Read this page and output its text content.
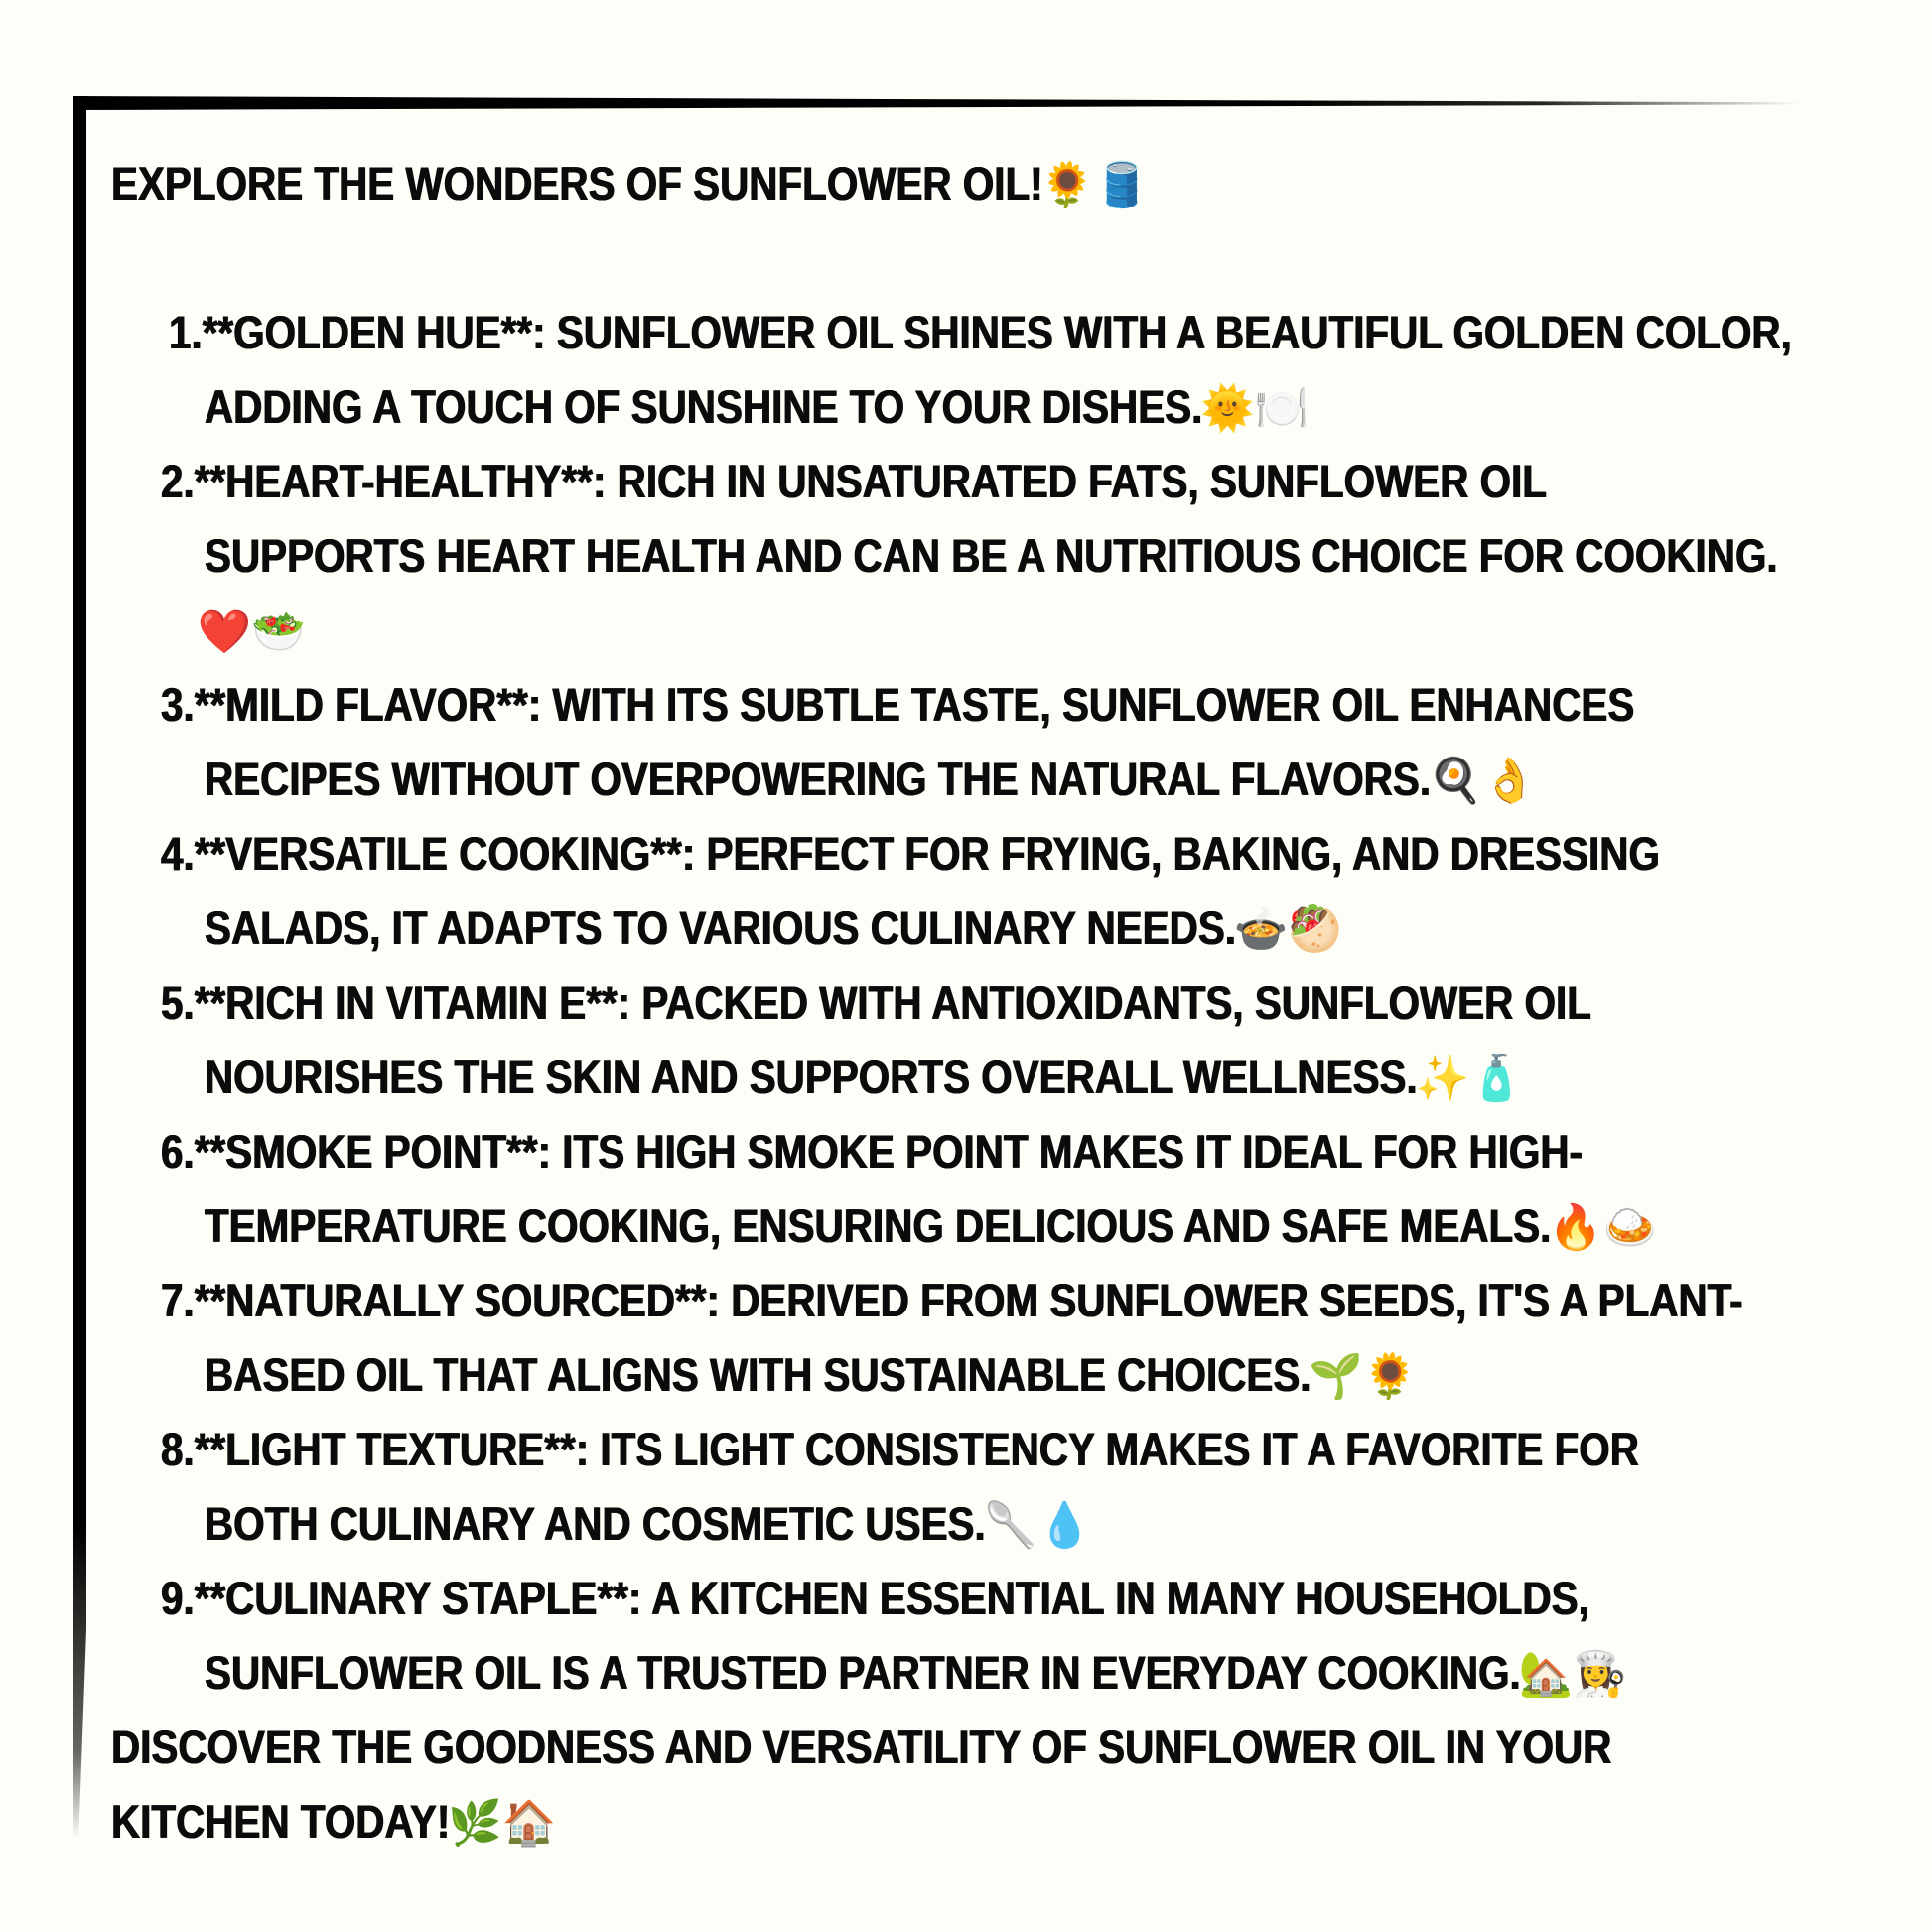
EXPLORE THE WONDERS OF SUNFLOWER OIL!🌻🛢️
1.**GOLDEN HUE**: SUNFLOWER OIL SHINES WITH A BEAUTIFUL GOLDEN COLOR,
ADDING A TOUCH OF SUNSHINE TO YOUR DISHES.🌞🍽️
2.**HEART-HEALTHY**: RICH IN UNSATURATED FATS, SUNFLOWER OIL
SUPPORTS HEART HEALTH AND CAN BE A NUTRITIOUS CHOICE FOR COOKING.
❤️🥗
3.**MILD FLAVOR**: WITH ITS SUBTLE TASTE, SUNFLOWER OIL ENHANCES
RECIPES WITHOUT OVERPOWERING THE NATURAL FLAVORS.🍳👌
4.**VERSATILE COOKING**: PERFECT FOR FRYING, BAKING, AND DRESSING
SALADS, IT ADAPTS TO VARIOUS CULINARY NEEDS.🍲🥙
5.**RICH IN VITAMIN E**: PACKED WITH ANTIOXIDANTS, SUNFLOWER OIL
NOURISHES THE SKIN AND SUPPORTS OVERALL WELLNESS.✨🧴
6.**SMOKE POINT**: ITS HIGH SMOKE POINT MAKES IT IDEAL FOR HIGH-
TEMPERATURE COOKING, ENSURING DELICIOUS AND SAFE MEALS.🔥🍛
7.**NATURALLY SOURCED**: DERIVED FROM SUNFLOWER SEEDS, IT'S A PLANT-
BASED OIL THAT ALIGNS WITH SUSTAINABLE CHOICES.🌱🌻
8.**LIGHT TEXTURE**: ITS LIGHT CONSISTENCY MAKES IT A FAVORITE FOR
BOTH CULINARY AND COSMETIC USES.🥄💧
9.**CULINARY STAPLE**: A KITCHEN ESSENTIAL IN MANY HOUSEHOLDS,
SUNFLOWER OIL IS A TRUSTED PARTNER IN EVERYDAY COOKING.🏡👩‍🍳
DISCOVER THE GOODNESS AND VERSATILITY OF SUNFLOWER OIL IN YOUR
KITCHEN TODAY!🌿🏠
